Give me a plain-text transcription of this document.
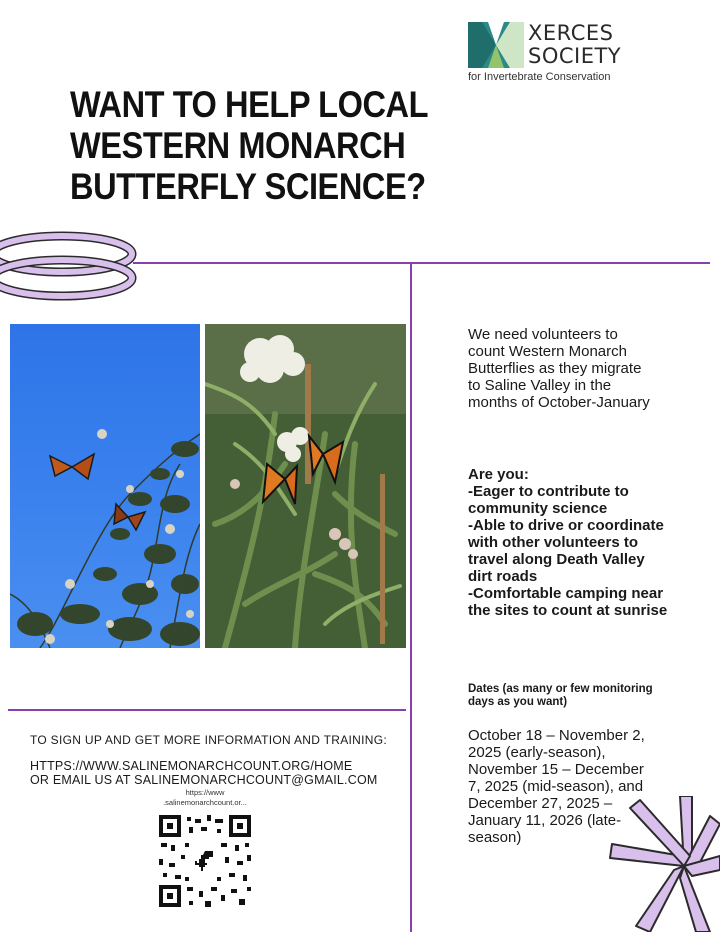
XERCES
SOCIETY
for Invertebrate Conservation
WANT TO HELP LOCAL WESTERN MONARCH BUTTERFLY SCIENCE?
We need volunteers to count Western Monarch Butterflies as they migrate to Saline Valley in the months of October-January
Are you:
-Eager to contribute to community science
-Able to drive or coordinate with other volunteers to travel along Death Valley dirt roads
-Comfortable camping near the sites to count at sunrise
Dates (as many or few monitoring days as you want)
October 18 – November 2, 2025 (early-season), November 15 – December 7, 2025 (mid-season), and December 27, 2025 – January 11, 2026 (late-season)
TO SIGN UP AND GET MORE INFORMATION AND TRAINING:
HTTPS://WWW.SALINEMONARCHCOUNT.ORG/HOME
OR EMAIL US AT SALINEMONARCHCOUNT@GMAIL.COM
https://www
.salinemonarchcount.or...
